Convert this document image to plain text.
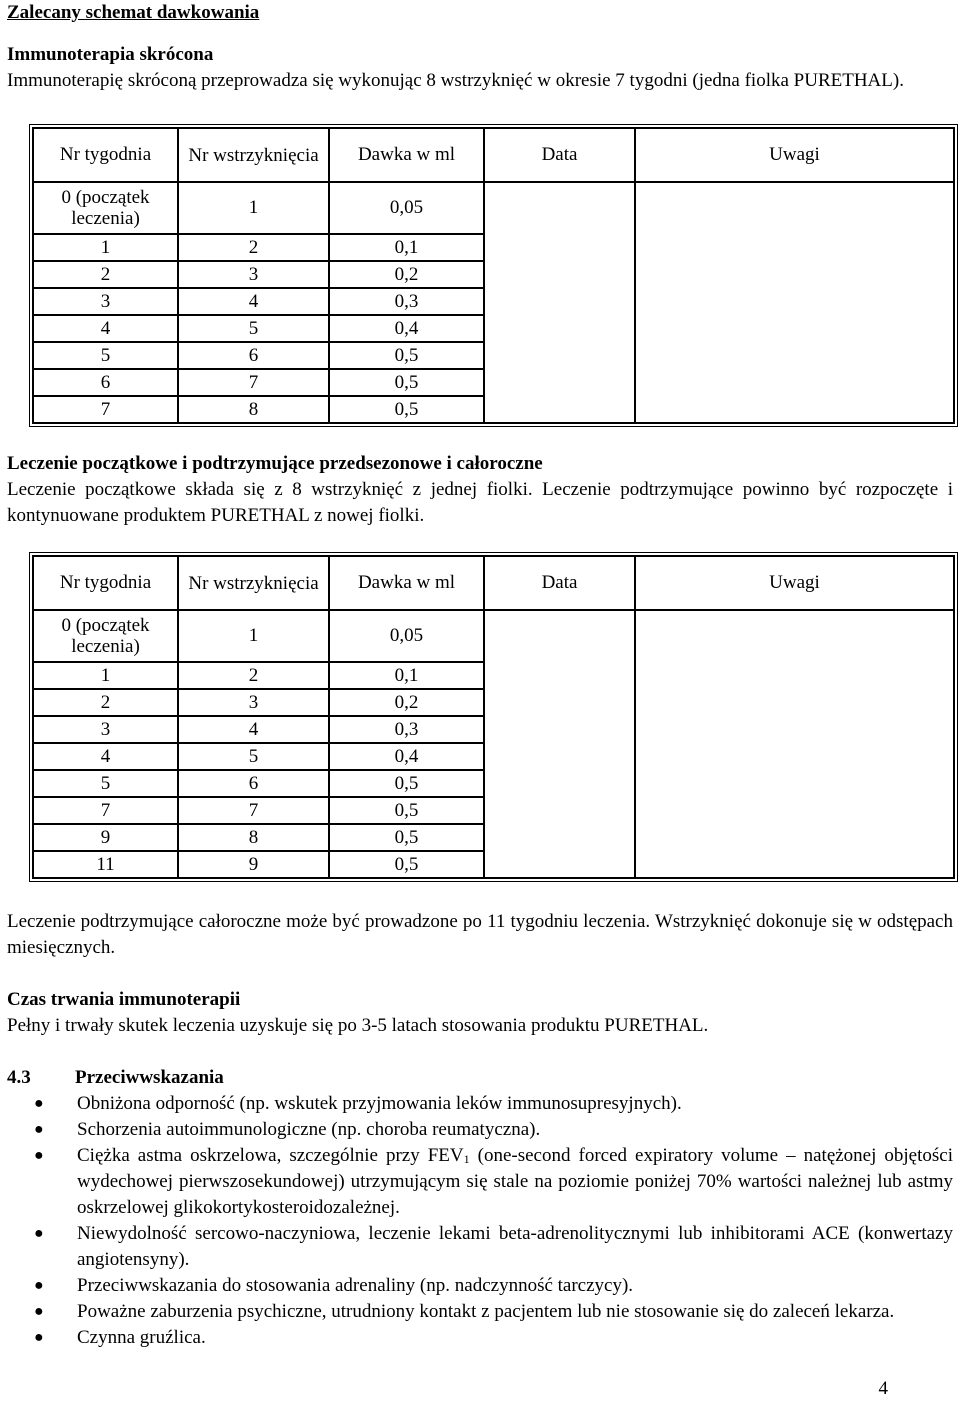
Zalecany schemat dawkowania

Immunoterapia skrócona

Immunoterapię skróconą przeprowadza się wykonując 8 wstrzyknięć w okresie 7 tygodni (jedna fiolka PURETHAL).

Nr tygodnia	Nr wstrzyknięcia	Dawka w ml	Data	Uwagi
0 (początek leczenia)	1	0,05		
1	2	0,1		
2	3	0,2		
3	4	0,3		
4	5	0,4		
5	6	0,5		
6	7	0,5		
7	8	0,5		

Leczenie początkowe i podtrzymujące przedsezonowe i całoroczne

Leczenie początkowe składa się z 8 wstrzyknięć z jednej fiolki. Leczenie podtrzymujące powinno być rozpoczęte i kontynuowane produktem PURETHAL z nowej fiolki.

Nr tygodnia	Nr wstrzyknięcia	Dawka w ml	Data	Uwagi
0 (początek leczenia)	1	0,05		
1	2	0,1		
2	3	0,2		
3	4	0,3		
4	5	0,4		
5	6	0,5		
7	7	0,5		
9	8	0,5		
11	9	0,5		

Leczenie podtrzymujące całoroczne może być prowadzone po 11 tygodniu leczenia. Wstrzyknięć dokonuje się w odstępach miesięcznych.

Czas trwania immunoterapii

Pełny i trwały skutek leczenia uzyskuje się po 3-5 latach stosowania produktu PURETHAL.

4.3	Przeciwwskazania
● Obniżona odporność (np. wskutek przyjmowania leków immunosupresyjnych).
● Schorzenia autoimmunologiczne (np. choroba reumatyczna).
● Ciężka astma oskrzelowa, szczególnie przy $FEV_1$ (one-second forced expiratory volume – natężonej objętości wydechowej pierwszosekundowej) utrzymującym się stale na poziomie poniżej 70% wartości należnej lub astmy oskrzelowej glikokortykosteroidozależnej.
● Niewydolność sercowo-naczyniowa, leczenie lekami beta-adrenolitycznymi lub inhibitorami ACE (konwertazy angiotensyny).
● Przeciwwskazania do stosowania adrenaliny (np. nadczynność tarczycy).
● Poważne zaburzenia psychiczne, utrudniony kontakt z pacjentem lub nie stosowanie się do zaleceń lekarza.
● Czynna gruźlica.
4
